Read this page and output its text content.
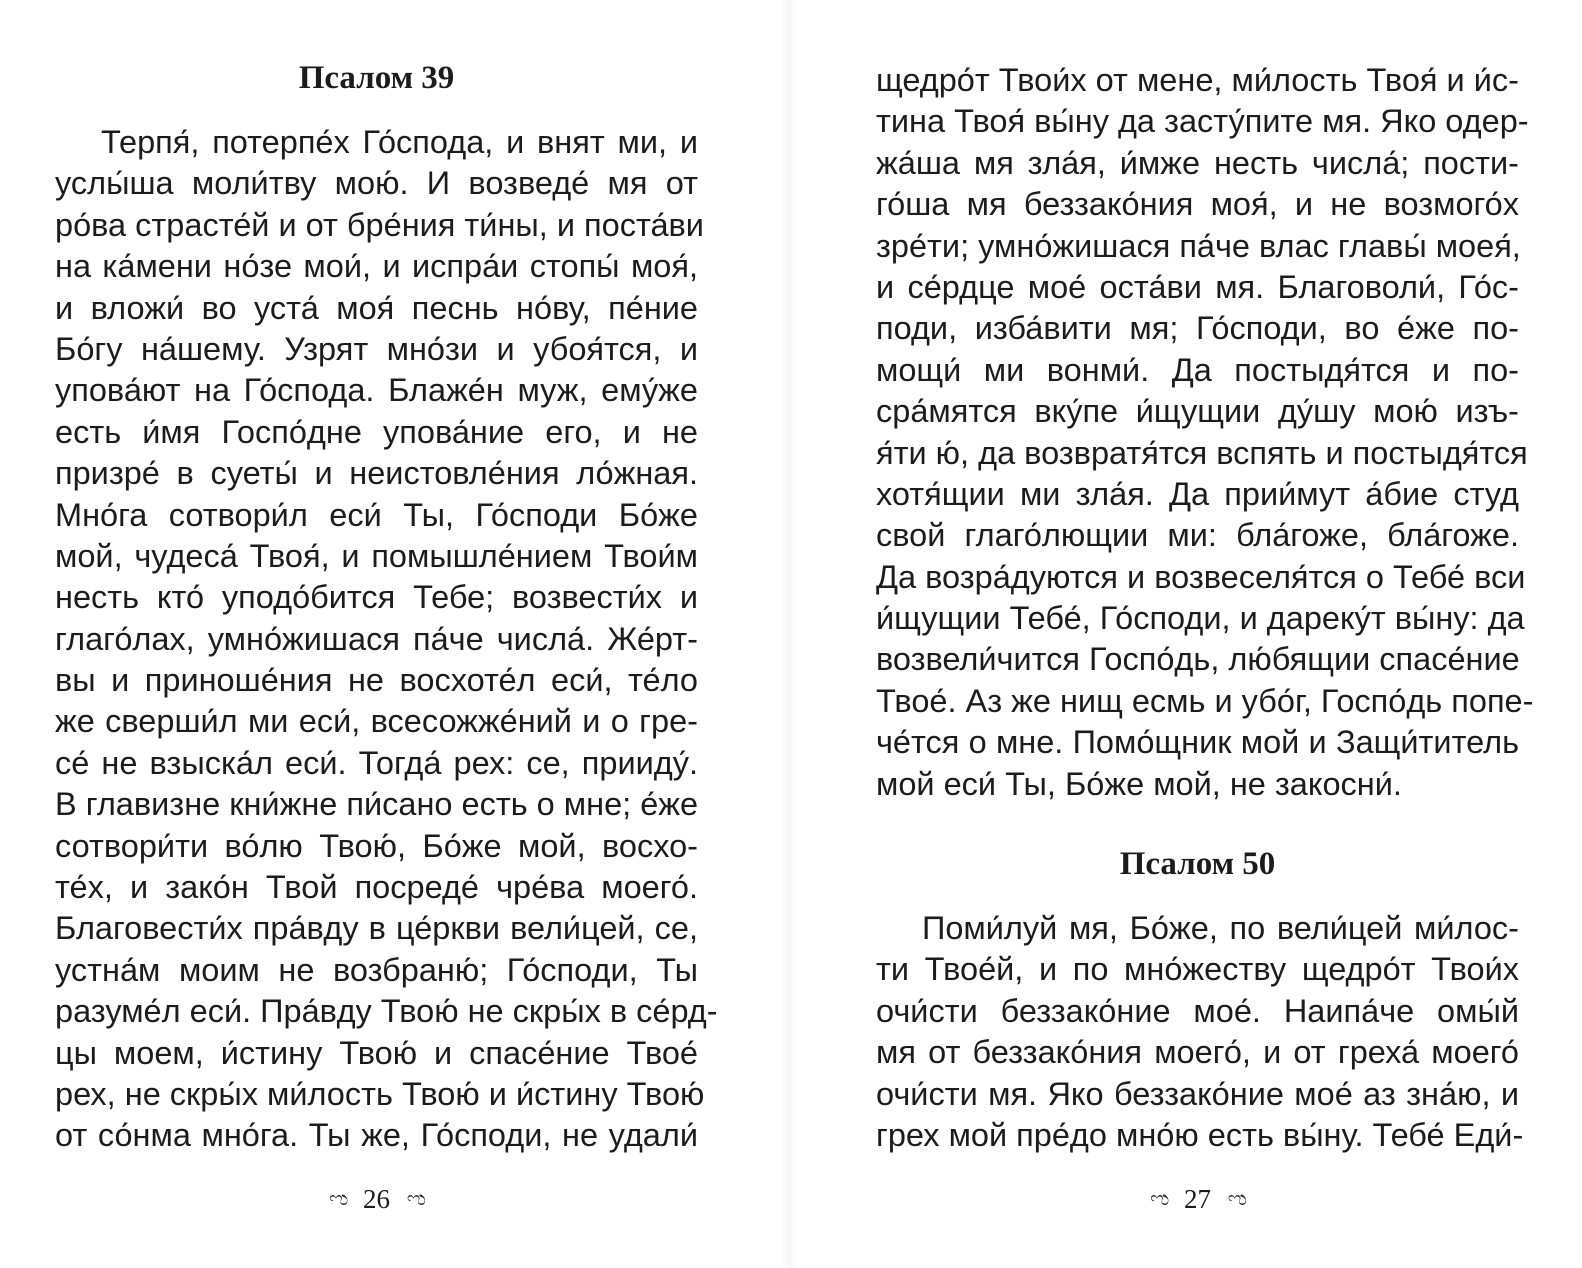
Псалом 39
Терпя́, потерпе́х Го́спода, и внят ми, и
услы́ша моли́тву мою́. И возведе́ мя от
ро́ва страсте́й и от бре́ния ти́ны, и поста́ви
на ка́мени но́зе мои́, и испра́и стопы́ моя́,
и вложи́ во уста́ моя́ песнь но́ву, пе́ние
Бо́гу на́шему. Узрят мно́зи и убоя́тся, и
упова́ют на Го́спода. Блаже́н муж, ему́же
есть и́мя Госпо́дне упова́ние его, и не
призре́ в суеты́ и неистовле́ния ло́жная.
Мно́га сотвори́л еси́ Ты, Го́споди Бо́же
мой, чудеса́ Твоя́, и помышле́нием Твои́м
несть кто́ уподо́бится Тебе; возвести́х и
глаго́лах, умно́жишася па́че числа́. Же́рт-
вы и приноше́ния не восхоте́л еси́, те́ло
же сверши́л ми еси́, всесожже́ний и о гре-
се́ не взыска́л еси́. Тогда́ рех: се, прииду́.
В главизне кни́жне пи́сано есть о мне; е́же
сотвори́ти во́лю Твою́, Бо́же мой, восхо-
те́х, и зако́н Твой посреде́ чре́ва моего́.
Благовести́х пра́вду в це́ркви вели́цей, се,
устна́м моим не возбраню́; Го́споди, Ты
разуме́л еси́. Пра́вду Твою́ не скры́х в се́рд-
цы моем, и́стину Твою́ и спасе́ние Твое́
рех, не скры́х ми́лость Твою́ и и́стину Твою́
от со́нма мно́га. Ты же, Го́споди, не удали́
ಌ 26 ಌ
щедро́т Твои́х от мене, ми́лость Твоя́ и и́с-
тина Твоя́ вы́ну да засту́пите мя. Яко одер-
жа́ша мя зла́я, и́мже несть числа́; пости-
го́ша мя беззако́ния моя́, и не возмого́х
зре́ти; умно́жишася па́че влас главы́ моея́,
и се́рдце мое́ оста́ви мя. Благоволи́, Го́с-
поди, изба́вити мя; Го́споди, во е́же по-
мощи́ ми вонми́. Да постыдя́тся и по-
сра́мятся вку́пе и́щущии ду́шу мою́ изъ-
я́ти ю́, да возвратя́тся вспять и постыдя́тся
хотя́щии ми зла́я. Да прии́мут а́бие студ
свой глаго́лющии ми: бла́гоже, бла́гоже.
Да возра́дуются и возвеселя́тся о Тебе́ вси
и́щущии Тебе́, Го́споди, и дареку́т вы́ну: да
возвели́чится Госпо́дь, лю́бящии спасе́ние
Твое́. Аз же нищ есмь и убо́г, Госпо́дь попе-
че́тся о мне. Помо́щник мой и Защи́титель
мой еси́ Ты, Бо́же мой, не закосни́.
Псалом 50
Поми́луй мя, Бо́же, по вели́цей ми́лос-
ти Твое́й, и по мно́жеству щедро́т Твои́х
очи́сти беззако́ние мое́. Наипа́че омы́й
мя от беззако́ния моего́, и от греха́ моего́
очи́сти мя. Яко беззако́ние мое́ аз зна́ю, и
грех мой пре́до мно́ю есть вы́ну. Тебе́ Еди́-
ಌ 27 ಌ
